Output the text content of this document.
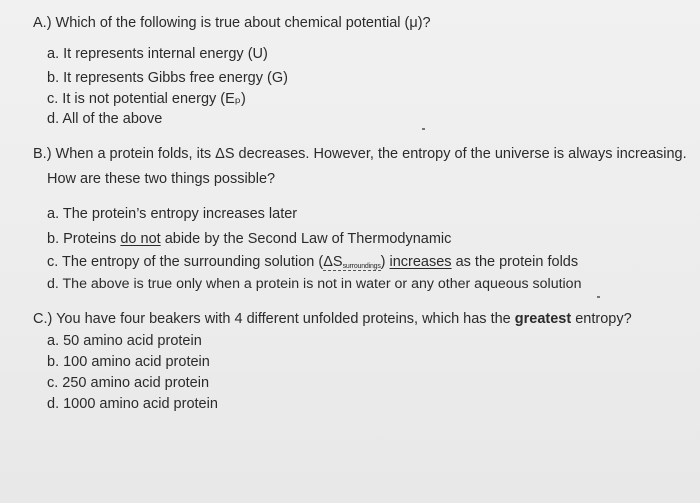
A.) Which of the following is true about chemical potential (μ)?
a. It represents internal energy (U)
b. It represents Gibbs free energy (G)
c. It is not potential energy (Eₚ)
d. All of the above
B.) When a protein folds, its ΔS decreases. However, the entropy of the universe is always increasing.
How are these two things possible?
a. The protein’s entropy increases later
b. Proteins do not abide by the Second Law of Thermodynamic
c. The entropy of the surrounding solution $(\Delta S_{surroundings})$ increases as the protein folds
d. The above is true only when a protein is not in water or any other aqueous solution
C.) You have four beakers with 4 different unfolded proteins, which has the greatest entropy?
a. 50 amino acid protein
b. 100 amino acid protein
c. 250 amino acid protein
d. 1000 amino acid protein
